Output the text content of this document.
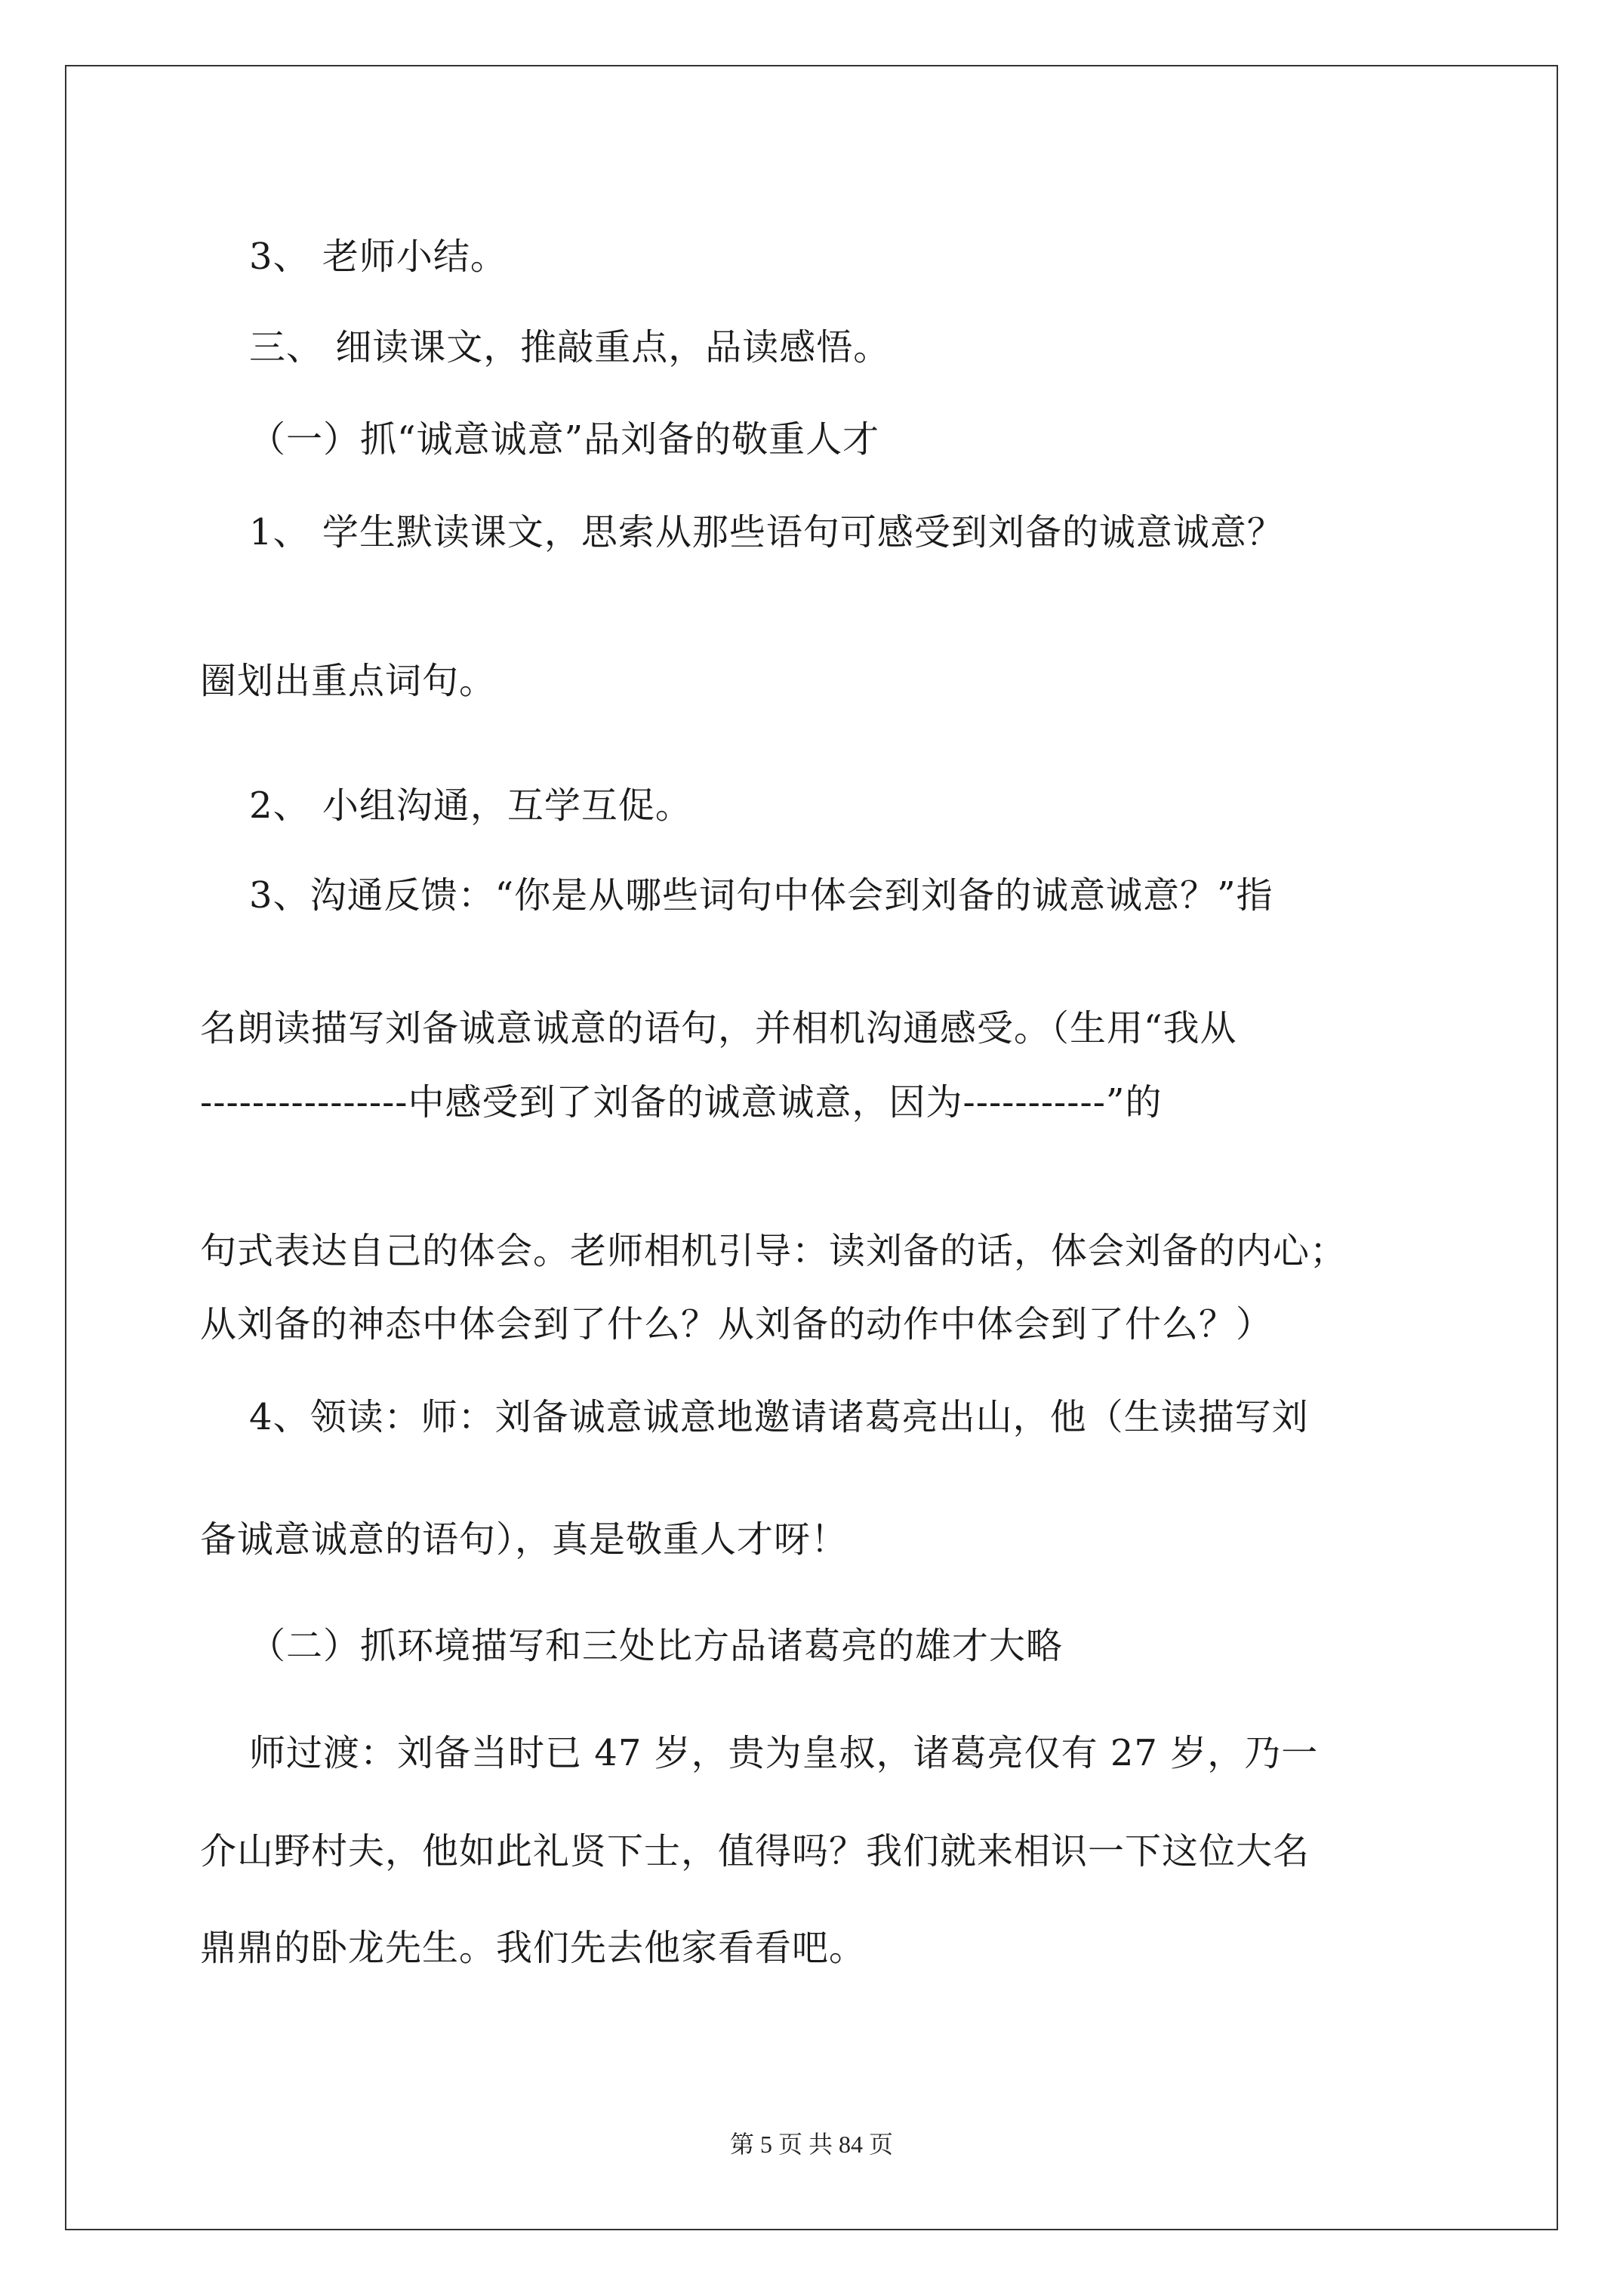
3、 老师小结。
三、 细读课文，推敲重点，品读感悟。
（一）抓“诚意诚意”品刘备的敬重人才
1、 学生默读课文，思索从那些语句可感受到刘备的诚意诚意？
圈划出重点词句。
2、 小组沟通，互学互促。
3、沟通反馈：“你是从哪些词句中体会到刘备的诚意诚意？”指
名朗读描写刘备诚意诚意的语句，并相机沟通感受。（生用“我从
----------------中感受到了刘备的诚意诚意，因为-----------”的
句式表达自己的体会。老师相机引导：读刘备的话，体会刘备的内心；
从刘备的神态中体会到了什么？从刘备的动作中体会到了什么？）
4、领读：师：刘备诚意诚意地邀请诸葛亮出山，他（生读描写刘
备诚意诚意的语句），真是敬重人才呀！
（二）抓环境描写和三处比方品诸葛亮的雄才大略
师过渡：刘备当时已 47 岁，贵为皇叔，诸葛亮仅有 27 岁，乃一
介山野村夫，他如此礼贤下士，值得吗？我们就来相识一下这位大名
鼎鼎的卧龙先生。我们先去他家看看吧。
第 5 页 共 84 页
